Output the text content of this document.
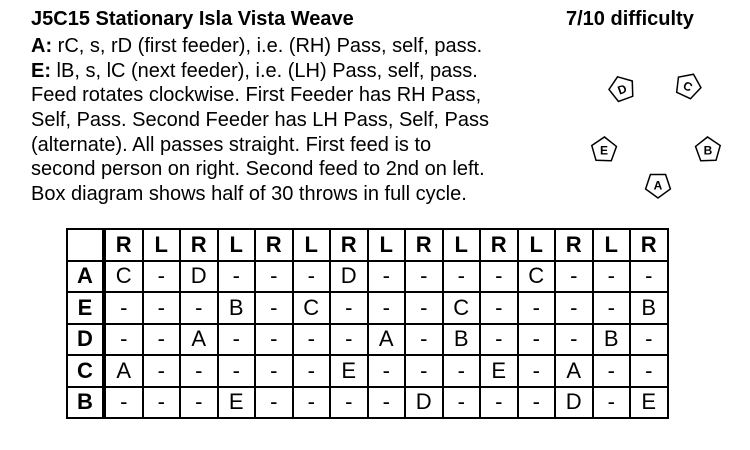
J5C15 Stationary Isla Vista Weave	7/10 difficulty
A: rC, s, rD (first feeder), i.e. (RH) Pass, self, pass.
E: lB, s, lC (next feeder), i.e. (LH) Pass, self, pass.
Feed rotates clockwise. First Feeder has RH Pass,
Self, Pass. Second Feeder has LH Pass, Self, Pass
(alternate). All passes straight. First feed is to
second person on right. Second feed to 2nd on left.
Box diagram shows half of 30 throws in full cycle.
D	C
E	B
A
	R	L	R	L	R	L	R	L	R	L	R	L	R	L	R
A	C	-	D	-	-	-	D	-	-	-	-	C	-	-	-
E	-	-	-	B	-	C	-	-	-	C	-	-	-	-	B
D	-	-	A	-	-	-	-	A	-	B	-	-	-	B	-
C	A	-	-	-	-	-	E	-	-	-	E	-	A	-	-
B	-	-	-	E	-	-	-	-	D	-	-	-	D	-	E
